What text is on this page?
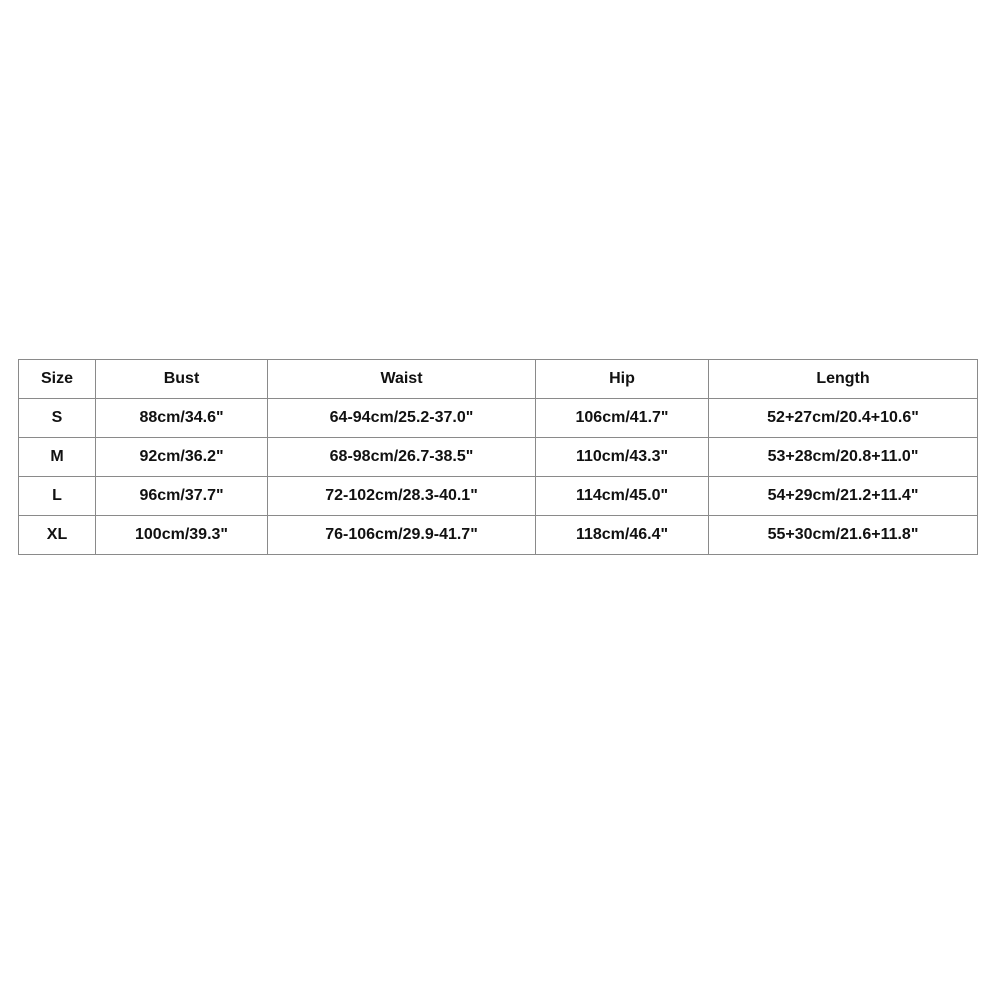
Size	Bust	Waist	Hip	Length
S	88cm/34.6"	64-94cm/25.2-37.0"	106cm/41.7"	52+27cm/20.4+10.6"
M	92cm/36.2"	68-98cm/26.7-38.5"	110cm/43.3"	53+28cm/20.8+11.0"
L	96cm/37.7"	72-102cm/28.3-40.1"	114cm/45.0"	54+29cm/21.2+11.4"
XL	100cm/39.3"	76-106cm/29.9-41.7"	118cm/46.4"	55+30cm/21.6+11.8"
